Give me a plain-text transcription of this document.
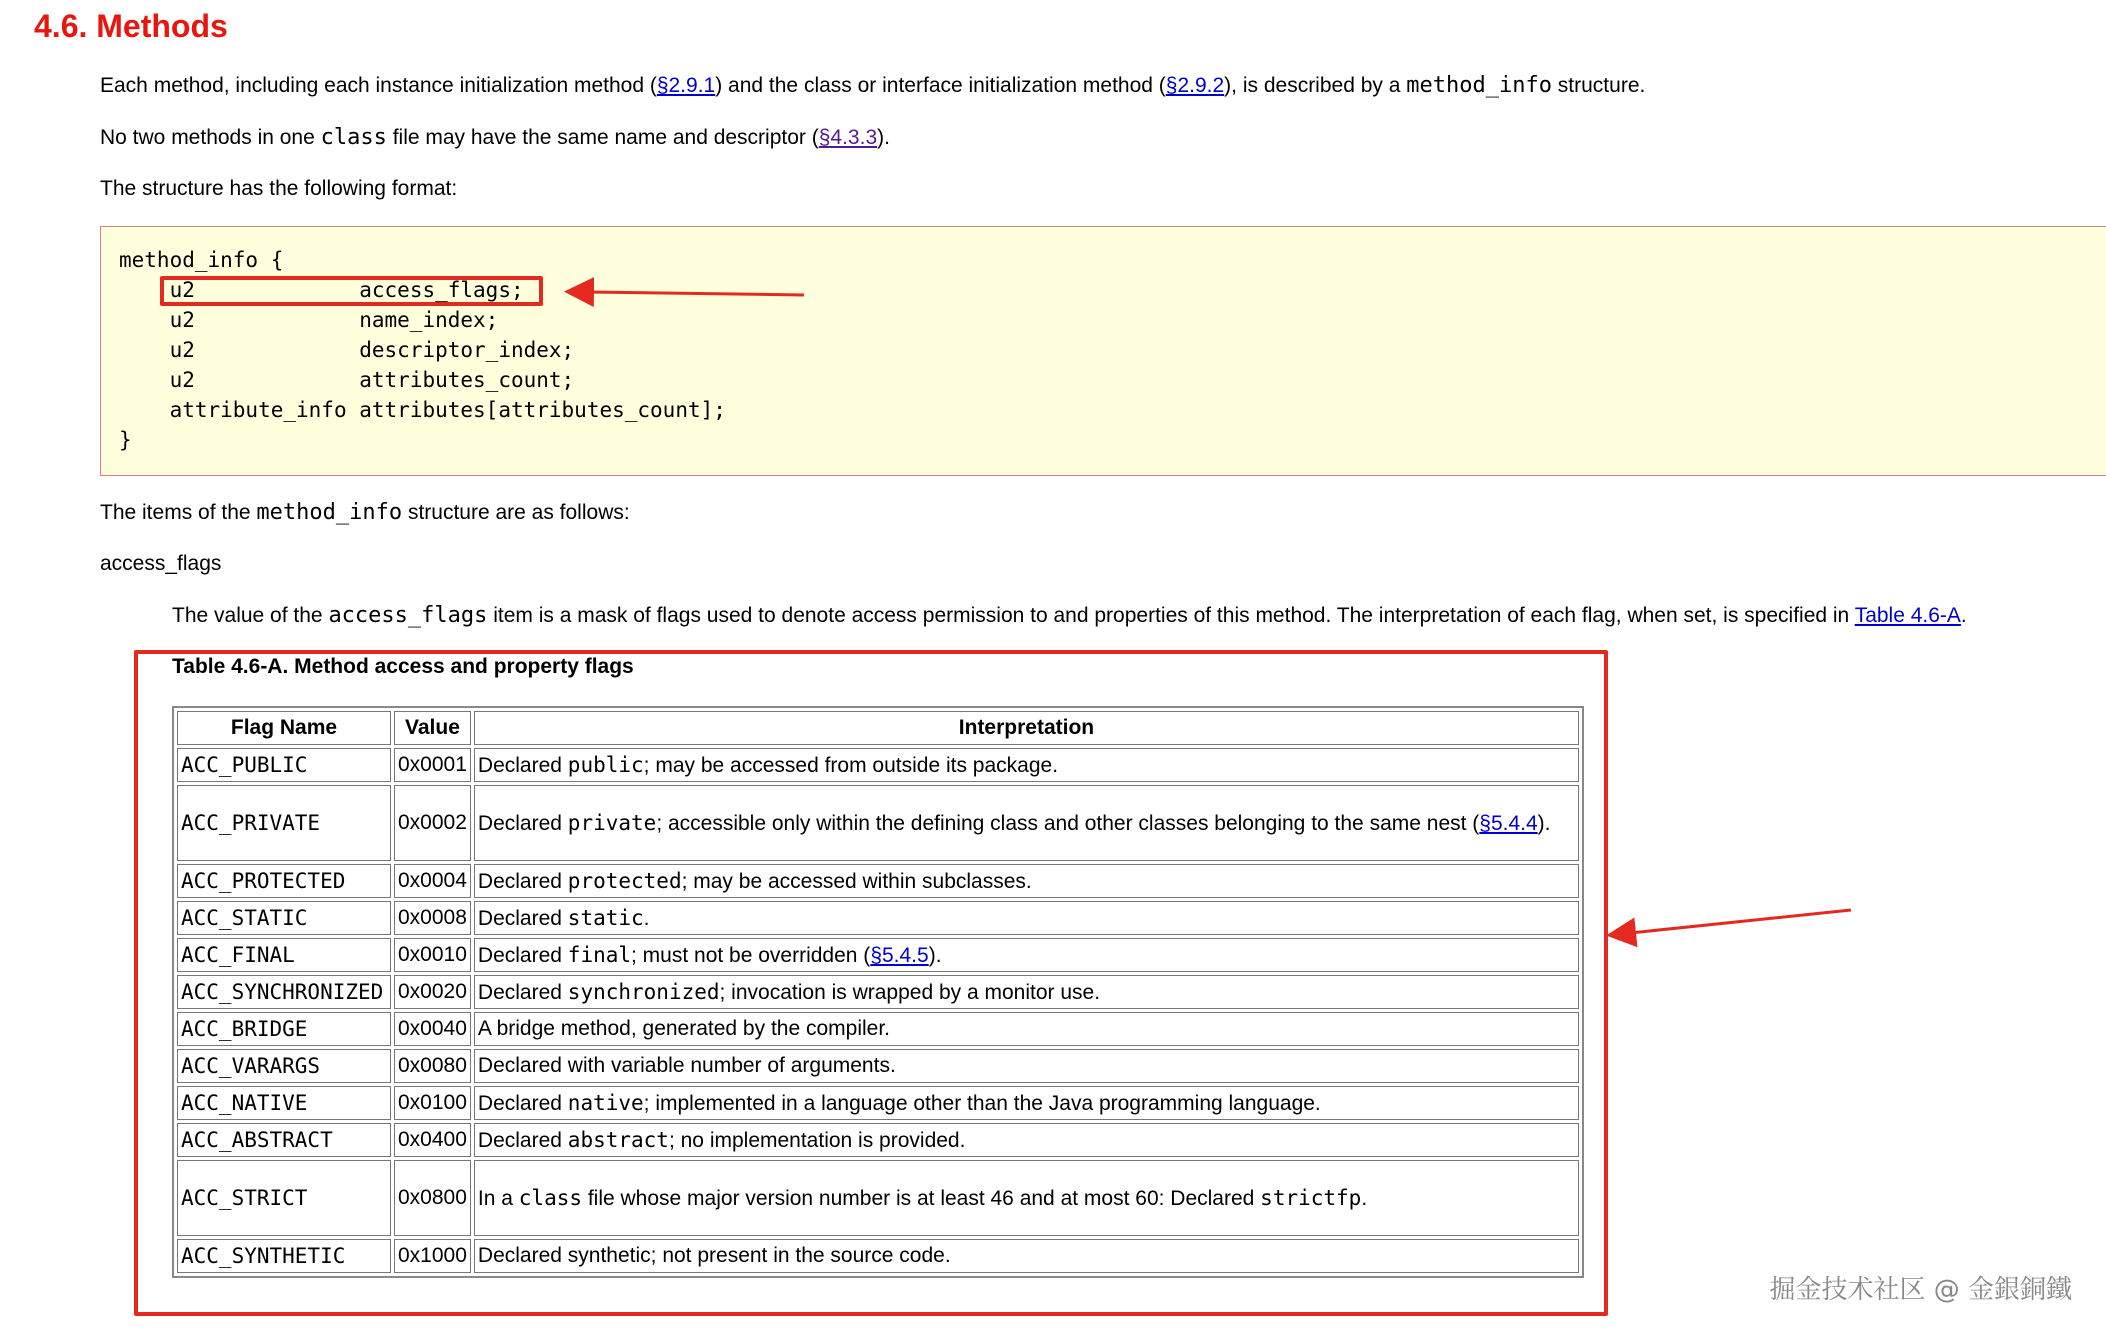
4.6. Methods
Each method, including each instance initialization method (§2.9.1) and the class or interface initialization method (§2.9.2), is described by a method_info structure.
No two methods in one class file may have the same name and descriptor (§4.3.3).
The structure has the following format:
method_info {
u2	access_flags;
u2	name_index;
u2	descriptor_index;
u2	attributes_count;
attribute_info attributes[attributes_count];
}
The items of the method_info structure are as follows:
access_flags
The value of the access_flags item is a mask of flags used to denote access permission to and properties of this method. The interpretation of each flag, when set, is specified in Table 4.6-A.
Table 4.6-A. Method access and property flags
Flag Name	Value	Interpretation
ACC_PUBLIC	0x0001	Declared public; may be accessed from outside its package.
ACC_PRIVATE	0x0002	Declared private; accessible only within the defining class and other classes belonging to the same nest (§5.4.4).
ACC_PROTECTED	0x0004	Declared protected; may be accessed within subclasses.
ACC_STATIC	0x0008	Declared static.
ACC_FINAL	0x0010	Declared final; must not be overridden (§5.4.5).
ACC_SYNCHRONIZED	0x0020	Declared synchronized; invocation is wrapped by a monitor use.
ACC_BRIDGE	0x0040	A bridge method, generated by the compiler.
ACC_VARARGS	0x0080	Declared with variable number of arguments.
ACC_NATIVE	0x0100	Declared native; implemented in a language other than the Java programming language.
ACC_ABSTRACT	0x0400	Declared abstract; no implementation is provided.
ACC_STRICT	0x0800	In a class file whose major version number is at least 46 and at most 60: Declared strictfp.
ACC_SYNTHETIC	0x1000	Declared synthetic; not present in the source code.
掘金技术社区 @ 金銀銅鐵
